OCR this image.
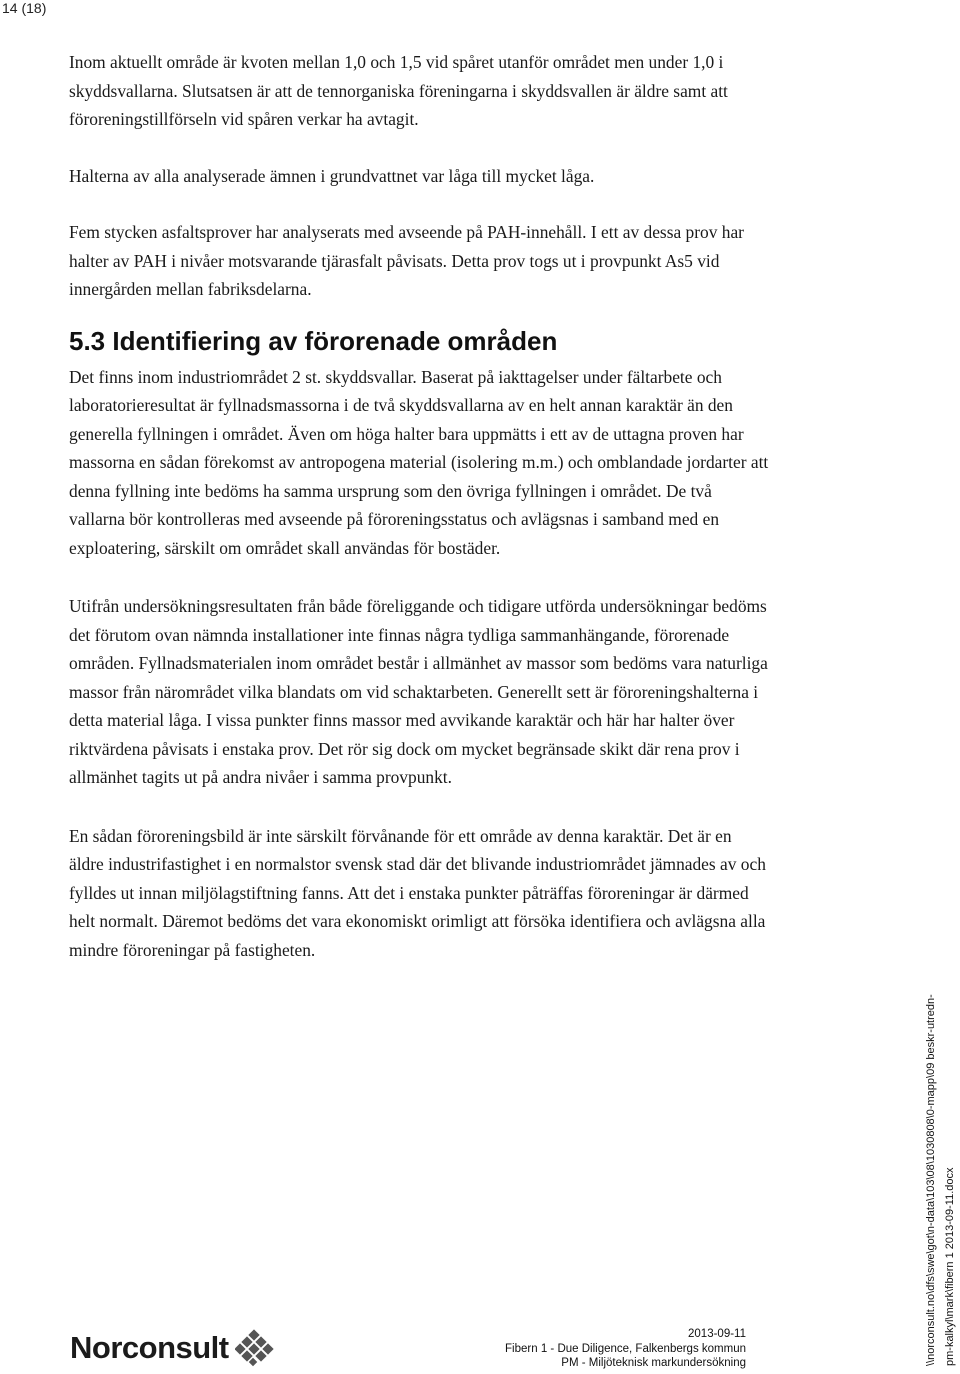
14 (18)

Inom aktuellt område är kvoten mellan 1,0 och 1,5 vid spåret utanför området men under 1,0 i skyddsvallarna. Slutsatsen är att de tennorganiska föreningarna i skyddsvallen är äldre samt att föroreningstillförseln vid spåren verkar ha avtagit.

Halterna av alla analyserade ämnen i grundvattnet var låga till mycket låga.

Fem stycken asfaltsprover har analyserats med avseende på PAH-innehåll. I ett av dessa prov har halter av PAH i nivåer motsvarande tjärasfalt påvisats. Detta prov togs ut i provpunkt As5 vid innergården mellan fabriksdelarna.

5.3 Identifiering av förorenade områden

Det finns inom industriområdet 2 st. skyddsvallar. Baserat på iakttagelser under fältarbete och laboratorieresultat är fyllnadsmassorna i de två skyddsvallarna av en helt annan karaktär än den generella fyllningen i området. Även om höga halter bara uppmätts i ett av de uttagna proven har massorna en sådan förekomst av antropogena material (isolering m.m.) och omblandade jordarter att denna fyllning inte bedöms ha samma ursprung som den övriga fyllningen i området. De två vallarna bör kontrolleras med avseende på föroreningsstatus och avlägsnas i samband med en exploatering, särskilt om området skall användas för bostäder.

Utifrån undersökningsresultaten från både föreliggande och tidigare utförda undersökningar bedöms det förutom ovan nämnda installationer inte finnas några tydliga sammanhängande, förorenade områden. Fyllnadsmaterialen inom området består i allmänhet av massor som bedöms vara naturliga massor från närområdet vilka blandats om vid schaktarbeten. Generellt sett är föroreningshalterna i detta material låga. I vissa punkter finns massor med avvikande karaktär och här har halter över riktvärdena påvisats i enstaka prov. Det rör sig dock om mycket begränsade skikt där rena prov i allmänhet tagits ut på andra nivåer i samma provpunkt.

En sådan föroreningsbild är inte särskilt förvånande för ett område av denna karaktär. Det är en äldre industrifastighet i en normalstor svensk stad där det blivande industriområdet jämnades av och fylldes ut innan miljölagstiftning fanns. Att det i enstaka punkter påträffas föroreningar är därmed helt normalt. Däremot bedöms det vara ekonomiskt orimligt att försöka identifiera och avlägsna alla mindre föroreningar på fastigheten.

\\norconsult.no\dfs\swe\got\n-data\103\08\1030808\0-mapp\09 beskr-utredn- pm-kalkyl\mark\fibern 1 2013-09-11.docx
Norconsult	2013-09-11
Fibern 1 - Due Diligence, Falkenbergs kommun
PM - Miljöteknisk markundersökning
